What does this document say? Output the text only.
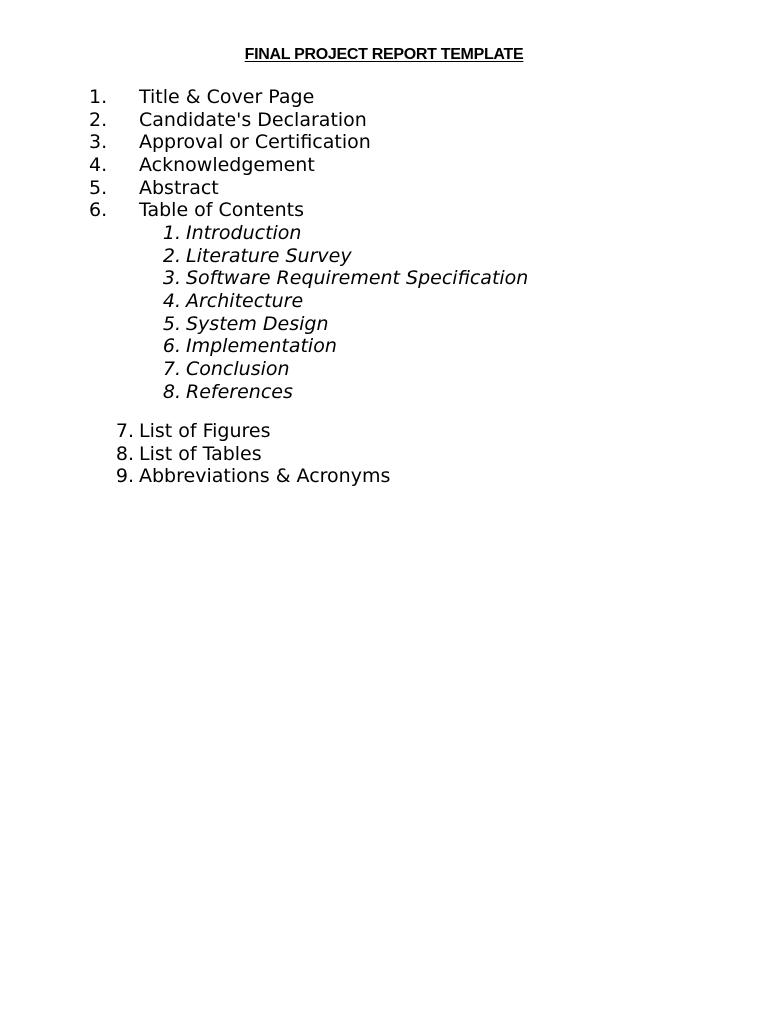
FINAL PROJECT REPORT TEMPLATE
1. Title & Cover Page
2. Candidate's Declaration
3. Approval or Certification
4. Acknowledgement
5. Abstract
6. Table of Contents
1. Introduction
2. Literature Survey
3. Software Requirement Specification
4. Architecture
5. System Design
6. Implementation
7. Conclusion
8. References
7. List of Figures
8. List of Tables
9. Abbreviations & Acronyms
